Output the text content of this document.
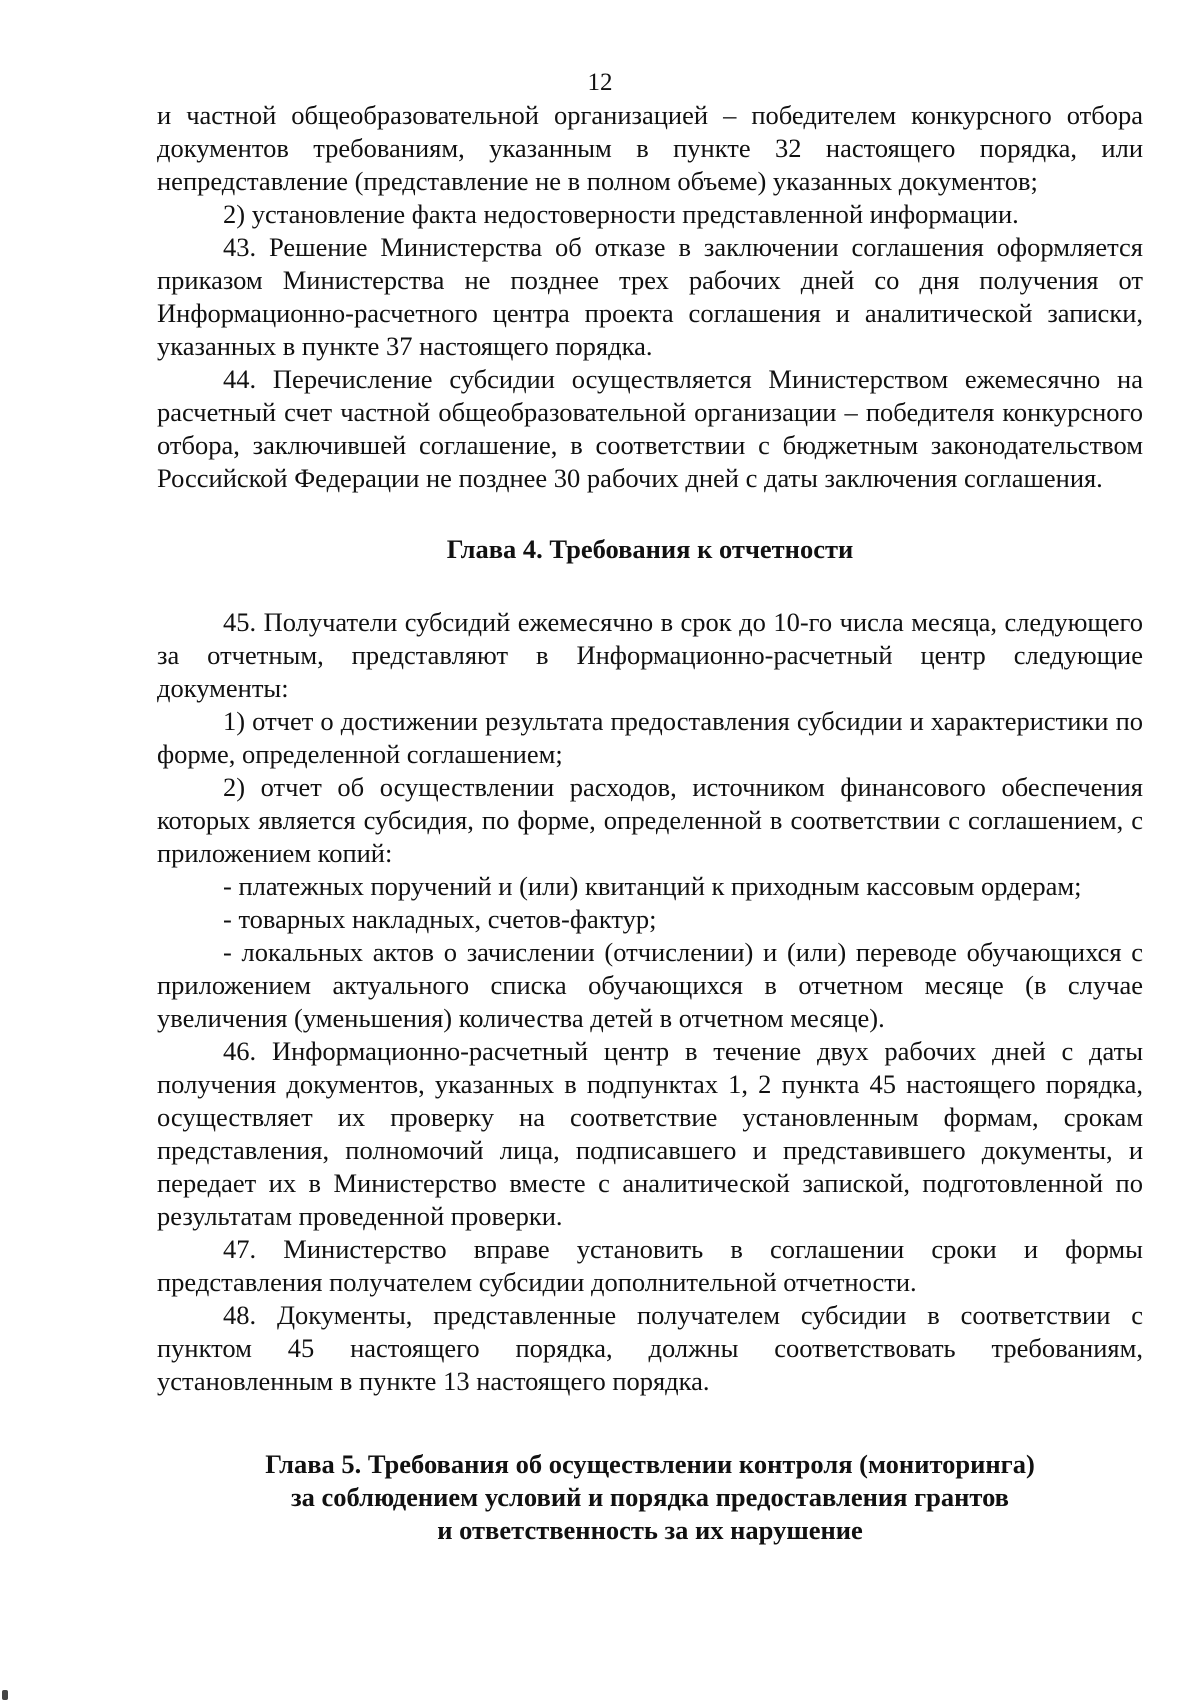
12

и частной общеобразовательной организацией – победителем конкурсного отбора документов требованиям, указанным в пункте 32 настоящего порядка, или непредставление (представление не в полном объеме) указанных документов;

2) установление факта недостоверности представленной информации.

43. Решение Министерства об отказе в заключении соглашения оформляется приказом Министерства не позднее трех рабочих дней со дня получения от Информационно-расчетного центра проекта соглашения и аналитической записки, указанных в пункте 37 настоящего порядка.

44. Перечисление субсидии осуществляется Министерством ежемесячно на расчетный счет частной общеобразовательной организации – победителя конкурсного отбора, заключившей соглашение, в соответствии с бюджетным законодательством Российской Федерации не позднее 30 рабочих дней с даты заключения соглашения.

Глава 4. Требования к отчетности

45. Получатели субсидий ежемесячно в срок до 10-го числа месяца, следующего за отчетным, представляют в Информационно-расчетный центр следующие документы:

1) отчет о достижении результата предоставления субсидии и характеристики по форме, определенной соглашением;

2) отчет об осуществлении расходов, источником финансового обеспечения которых является субсидия, по форме, определенной в соответствии с соглашением, с приложением копий:

- платежных поручений и (или) квитанций к приходным кассовым ордерам;

- товарных накладных, счетов-фактур;

- локальных актов о зачислении (отчислении) и (или) переводе обучающихся с приложением актуального списка обучающихся в отчетном месяце (в случае увеличения (уменьшения) количества детей в отчетном месяце).

46. Информационно-расчетный центр в течение двух рабочих дней с даты получения документов, указанных в подпунктах 1, 2 пункта 45 настоящего порядка, осуществляет их проверку на соответствие установленным формам, срокам представления, полномочий лица, подписавшего и представившего документы, и передает их в Министерство вместе с аналитической запиской, подготовленной по результатам проведенной проверки.

47. Министерство вправе установить в соглашении сроки и формы представления получателем субсидии дополнительной отчетности.

48. Документы, представленные получателем субсидии в соответствии с пунктом 45 настоящего порядка, должны соответствовать требованиям, установленным в пункте 13 настоящего порядка.

Глава 5. Требования об осуществлении контроля (мониторинга)

за соблюдением условий и порядка предоставления грантов

и ответственность за их нарушение
